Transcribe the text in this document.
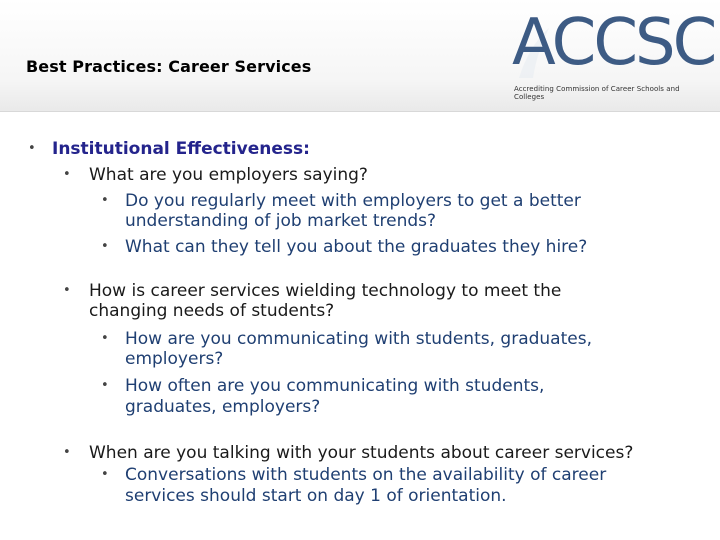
Best Practices: Career Services	ACCSC
Accrediting Commission of Career Schools and Colleges
• Institutional Effectiveness:
• What are you employers saying?
• Do you regularly meet with employers to get a better
understanding of job market trends?
• What can they tell you about the graduates they hire?
• How is career services wielding technology to meet the
changing needs of students?
• How are you communicating with students, graduates,
employers?
• How often are you communicating with students,
graduates, employers?
• When are you talking with your students about career services?
• Conversations with students on the availability of career
services should start on day 1 of orientation.
